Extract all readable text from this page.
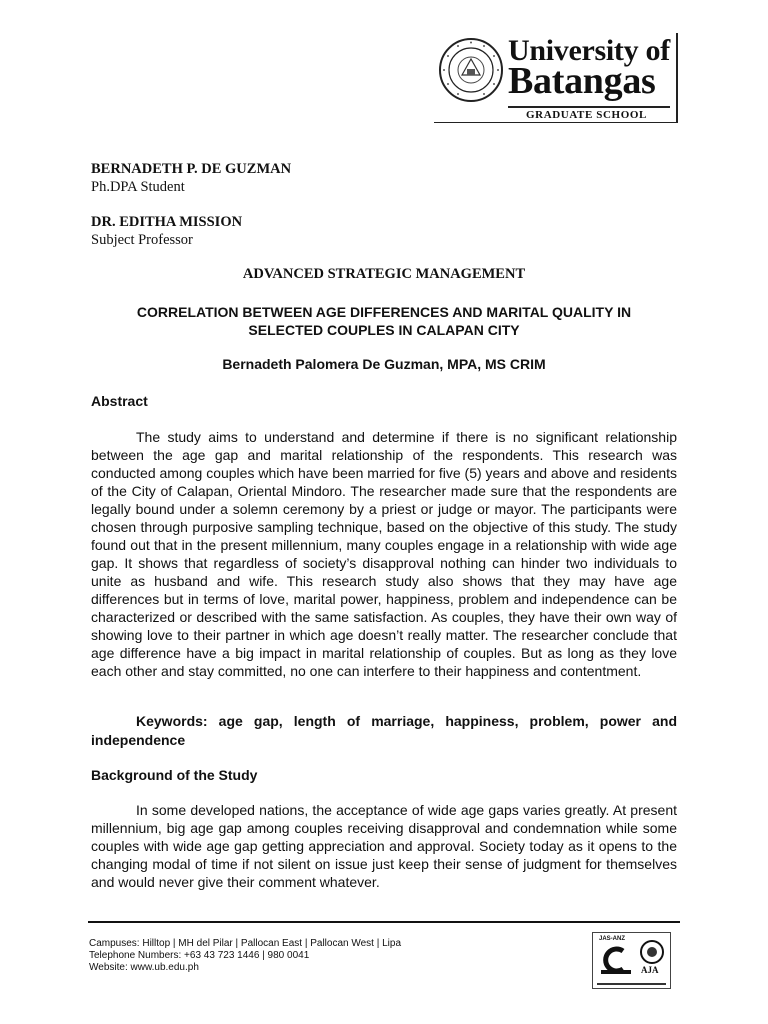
University of
Batangas
GRADUATE SCHOOL
BERNADETH P. DE GUZMAN
Ph.DPA Student
DR. EDITHA MISSION
Subject Professor
ADVANCED STRATEGIC MANAGEMENT
CORRELATION BETWEEN AGE DIFFERENCES AND MARITAL QUALITY IN
SELECTED COUPLES IN CALAPAN CITY
Bernadeth Palomera De Guzman, MPA, MS CRIM
Abstract

The study aims to understand and determine if there is no significant relationship between the age gap and marital relationship of the respondents. This research was conducted among couples which have been married for five (5) years and above and residents of the City of Calapan, Oriental Mindoro. The researcher made sure that the respondents are legally bound under a solemn ceremony by a priest or judge or mayor. The participants were chosen through purposive sampling technique, based on the objective of this study. The study found out that in the present millennium, many couples engage in a relationship with wide age gap. It shows that regardless of society’s disapproval nothing can hinder two individuals to unite as husband and wife. This research study also shows that they may have age differences but in terms of love, marital power, happiness, problem and independence can be characterized or described with the same satisfaction. As couples, they have their own way of showing love to their partner in which age doesn’t really matter. The researcher conclude that age difference have a big impact in marital relationship of couples. But as long as they love each other and stay committed, no one can interfere to their happiness and contentment.

Keywords: age gap, length of marriage, happiness, problem, power and independence
Background of the Study

In some developed nations, the acceptance of wide age gaps varies greatly. At present millennium, big age gap among couples receiving disapproval and condemnation while some couples with wide age gap getting appreciation and approval. Society today as it opens to the changing modal of time if not silent on issue just keep their sense of judgment for themselves and would never give their comment whatever.

Campuses: Hilltop | MH del Pilar | Pallocan East | Pallocan West | Lipa
Telephone Numbers: +63 43 723 1446 | 980 0041
Website: www.ub.edu.ph
JAS-ANZ
AJA
